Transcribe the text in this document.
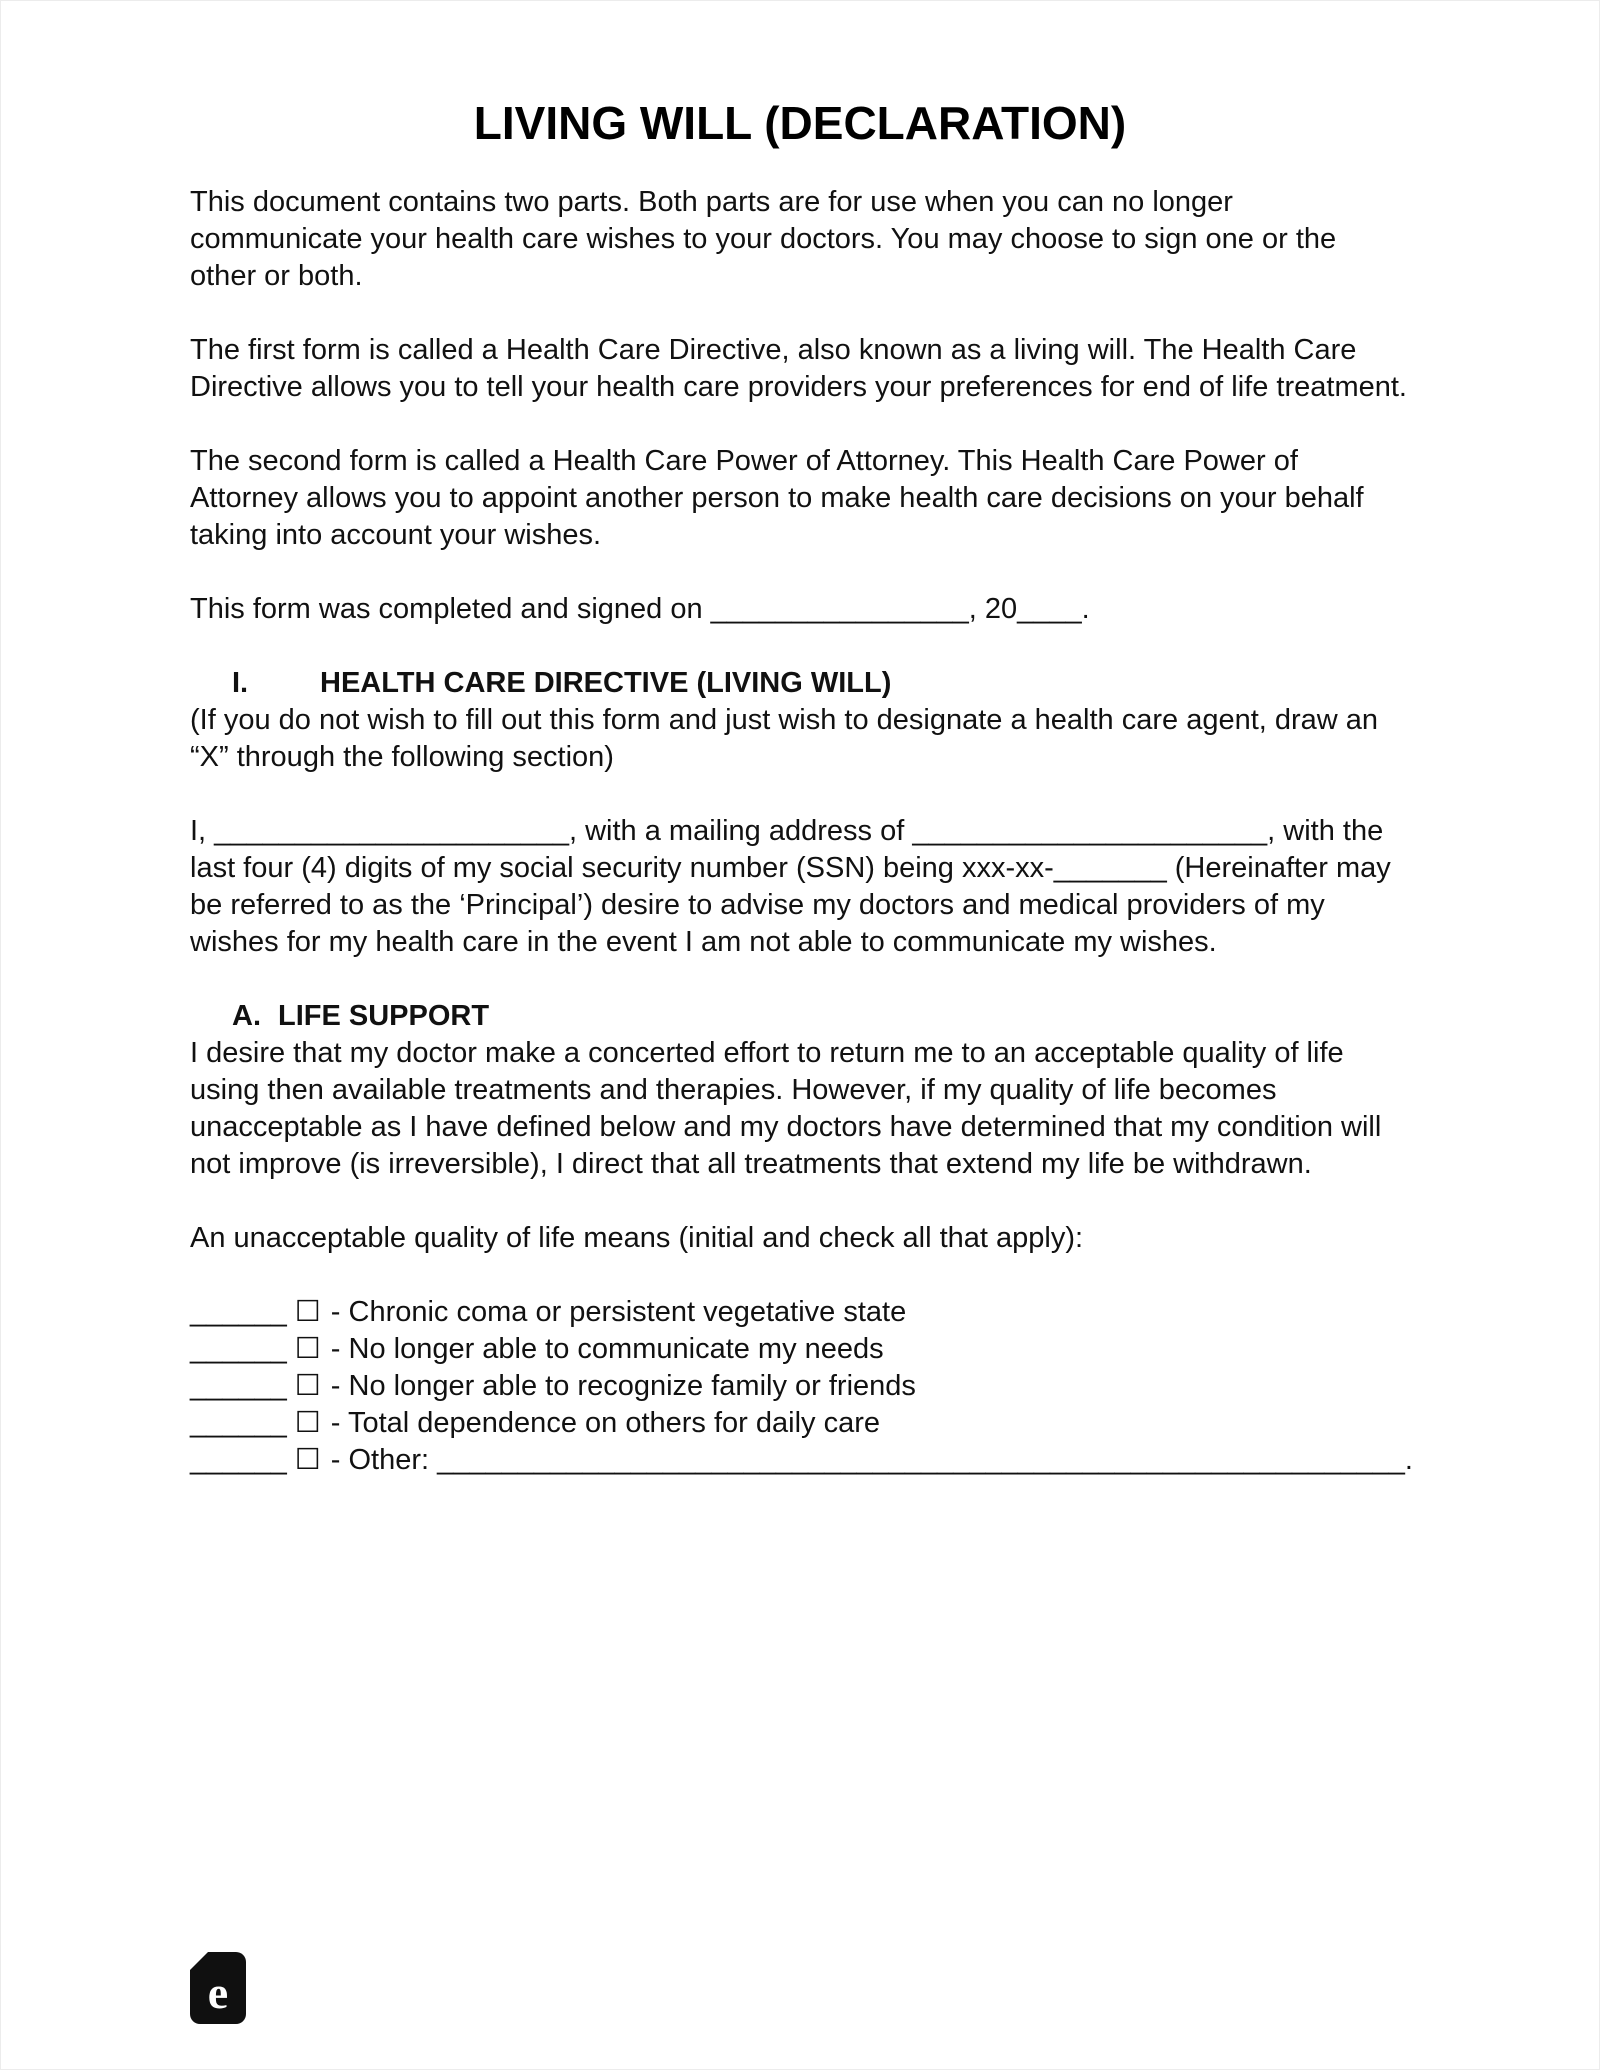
LIVING WILL (DECLARATION)

This document contains two parts. Both parts are for use when you can no longer communicate your health care wishes to your doctors. You may choose to sign one or the other or both.

The first form is called a Health Care Directive, also known as a living will. The Health Care Directive allows you to tell your health care providers your preferences for end of life treatment.

The second form is called a Health Care Power of Attorney. This Health Care Power of Attorney allows you to appoint another person to make health care decisions on your behalf taking into account your wishes.

This form was completed and signed on ________________, 20____.

I. HEALTH CARE DIRECTIVE (LIVING WILL)

(If you do not wish to fill out this form and just wish to designate a health care agent, draw an “X” through the following section)

I, ______________________, with a mailing address of ______________________, with the last four (4) digits of my social security number (SSN) being xxx-xx-_______ (Hereinafter may be referred to as the ‘Principal’) desire to advise my doctors and medical providers of my wishes for my health care in the event I am not able to communicate my wishes.

A. LIFE SUPPORT

I desire that my doctor make a concerted effort to return me to an acceptable quality of life using then available treatments and therapies. However, if my quality of life becomes unacceptable as I have defined below and my doctors have determined that my condition will not improve (is irreversible), I direct that all treatments that extend my life be withdrawn.

An unacceptable quality of life means (initial and check all that apply):

______ ☐ - Chronic coma or persistent vegetative state
______ ☐ - No longer able to communicate my needs
______ ☐ - No longer able to recognize family or friends
______ ☐ - Total dependence on others for daily care
______ ☐ - Other: ____________________________________________________________.
e
